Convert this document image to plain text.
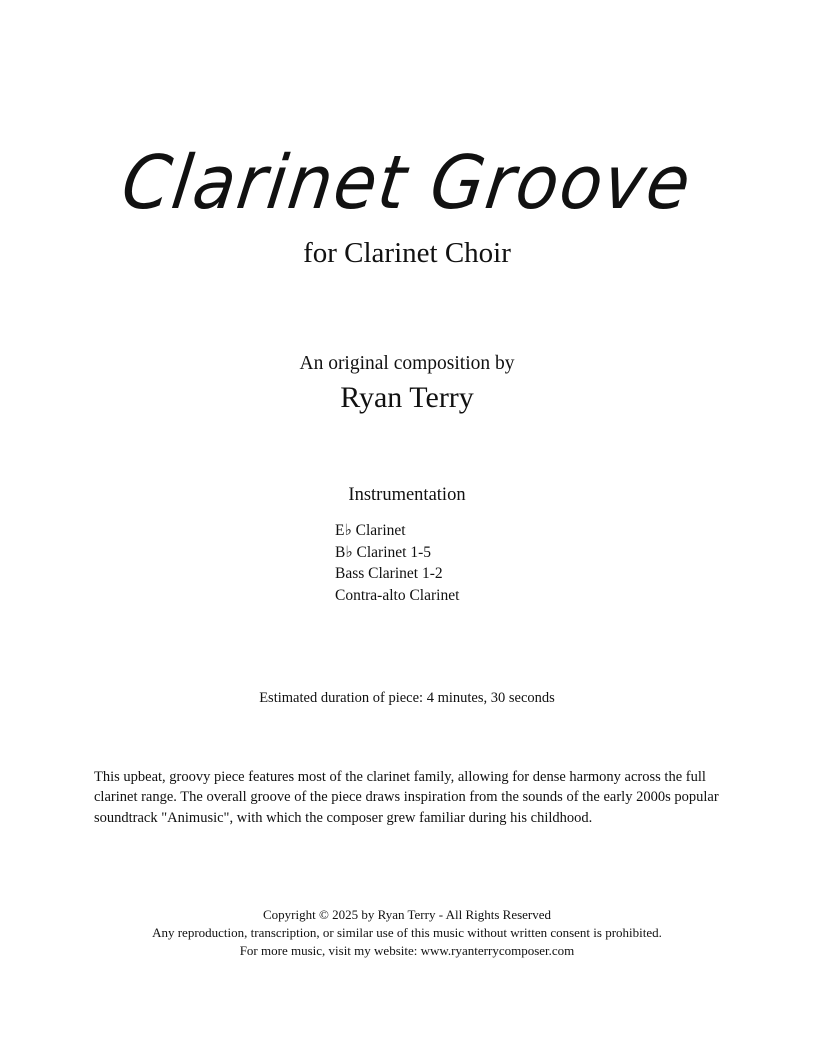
Clarinet Groove
for Clarinet Choir
An original composition by
Ryan Terry
Instrumentation
E♭ Clarinet
B♭ Clarinet 1-5
Bass Clarinet 1-2
Contra-alto Clarinet
Estimated duration of piece: 4 minutes, 30 seconds

This upbeat, groovy piece features most of the clarinet family, allowing for dense harmony across the full clarinet range. The overall groove of the piece draws inspiration from the sounds of the early 2000s popular soundtrack "Animusic", with which the composer grew familiar during his childhood.

Copyright © 2025 by Ryan Terry - All Rights Reserved
Any reproduction, transcription, or similar use of this music without written consent is prohibited.
For more music, visit my website: www.ryanterrycomposer.com
